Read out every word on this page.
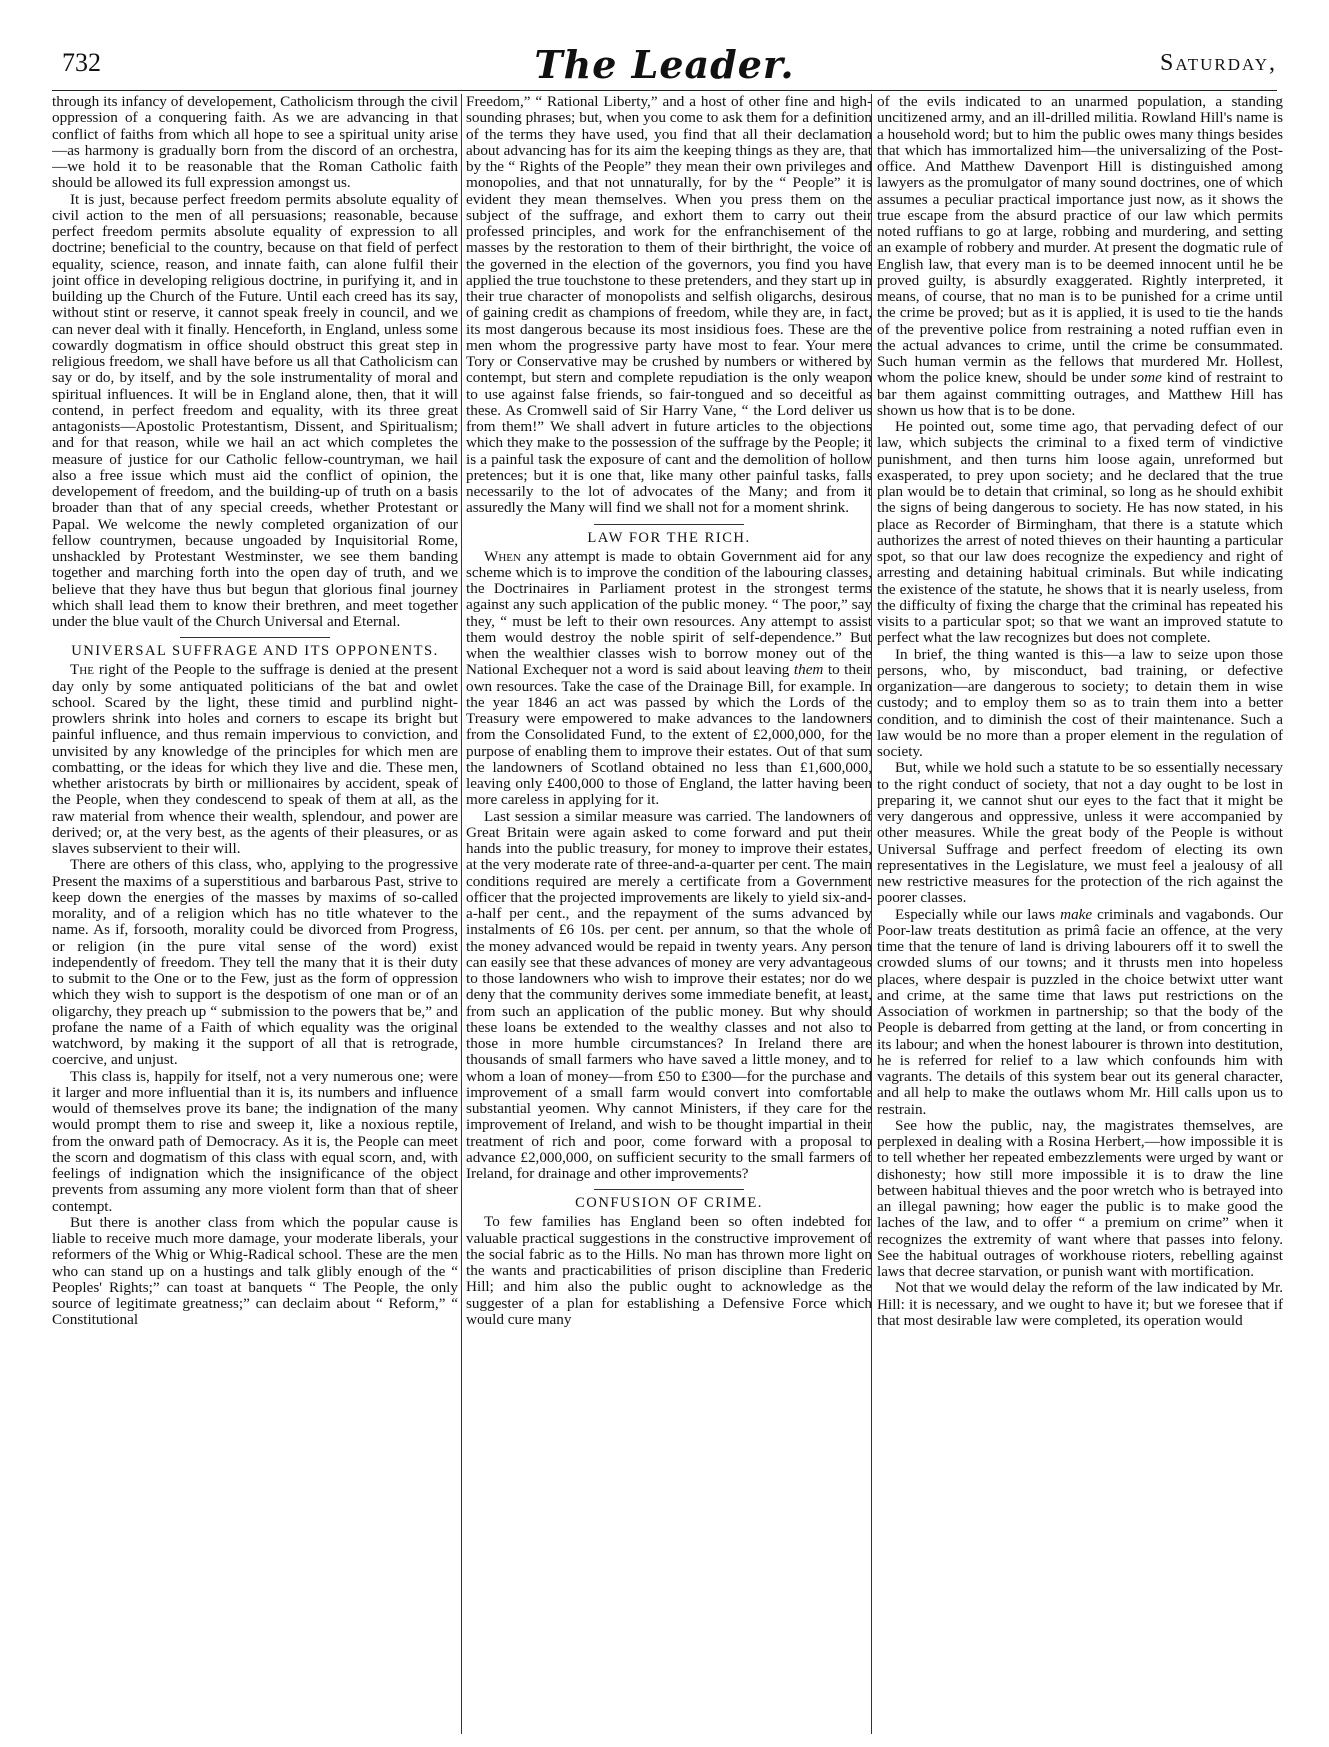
732	The Leader.	Saturday,

through its infancy of developement, Catholicism through the civil oppression of a conquering faith. As we are advancing in that conflict of faiths from which all hope to see a spiritual unity arise—as harmony is gradually born from the discord of an orchestra,—we hold it to be reasonable that the Roman Catholic faith should be allowed its full expression amongst us.

It is just, because perfect freedom permits absolute equality of civil action to the men of all persuasions; reasonable, because perfect freedom permits absolute equality of expression to all doctrine; beneficial to the country, because on that field of perfect equality, science, reason, and innate faith, can alone fulfil their joint office in developing religious doctrine, in purifying it, and in building up the Church of the Future. Until each creed has its say, without stint or reserve, it cannot speak freely in council, and we can never deal with it finally. Henceforth, in England, unless some cowardly dogmatism in office should obstruct this great step in religious freedom, we shall have before us all that Catholicism can say or do, by itself, and by the sole instrumentality of moral and spiritual influences. It will be in England alone, then, that it will contend, in perfect freedom and equality, with its three great antagonists—Apostolic Protestantism, Dissent, and Spiritualism; and for that reason, while we hail an act which completes the measure of justice for our Catholic fellow-countryman, we hail also a free issue which must aid the conflict of opinion, the developement of freedom, and the building-up of truth on a basis broader than that of any special creeds, whether Protestant or Papal. We welcome the newly completed organization of our fellow countrymen, because ungoaded by Inquisitorial Rome, unshackled by Protestant Westminster, we see them banding together and marching forth into the open day of truth, and we believe that they have thus but begun that glorious final journey which shall lead them to know their brethren, and meet together under the blue vault of the Church Universal and Eternal.

UNIVERSAL SUFFRAGE AND ITS OPPONENTS.

The right of the People to the suffrage is denied at the present day only by some antiquated politicians of the bat and owlet school. Scared by the light, these timid and purblind night-prowlers shrink into holes and corners to escape its bright but painful influence, and thus remain impervious to conviction, and unvisited by any knowledge of the principles for which men are combatting, or the ideas for which they live and die. These men, whether aristocrats by birth or millionaires by accident, speak of the People, when they condescend to speak of them at all, as the raw material from whence their wealth, splendour, and power are derived; or, at the very best, as the agents of their pleasures, or as slaves subservient to their will.

There are others of this class, who, applying to the progressive Present the maxims of a superstitious and barbarous Past, strive to keep down the energies of the masses by maxims of so-called morality, and of a religion which has no title whatever to the name. As if, forsooth, morality could be divorced from Progress, or religion (in the pure vital sense of the word) exist independently of freedom. They tell the many that it is their duty to submit to the One or to the Few, just as the form of oppression which they wish to support is the despotism of one man or of an oligarchy, they preach up “ submission to the powers that be,” and profane the name of a Faith of which equality was the original watchword, by making it the support of all that is retrograde, coercive, and unjust.

This class is, happily for itself, not a very numerous one; were it larger and more influential than it is, its numbers and influence would of themselves prove its bane; the indignation of the many would prompt them to rise and sweep it, like a noxious reptile, from the onward path of Democracy. As it is, the People can meet the scorn and dogmatism of this class with equal scorn, and, with feelings of indignation which the insignificance of the object prevents from assuming any more violent form than that of sheer contempt.

But there is another class from which the popular cause is liable to receive much more damage, your moderate liberals, your reformers of the Whig or Whig-Radical school. These are the men who can stand up on a hustings and talk glibly enough of the “ Peoples' Rights;” can toast at banquets “ The People, the only source of legitimate greatness;” can declaim about “ Reform,” “ Constitutional

Freedom,” “ Rational Liberty,” and a host of other fine and high-sounding phrases; but, when you come to ask them for a definition of the terms they have used, you find that all their declamation about advancing has for its aim the keeping things as they are, that by the “ Rights of the People” they mean their own privileges and monopolies, and that not unnaturally, for by the “ People” it is evident they mean themselves. When you press them on the subject of the suffrage, and exhort them to carry out their professed principles, and work for the enfranchisement of the masses by the restoration to them of their birthright, the voice of the governed in the election of the governors, you find you have applied the true touchstone to these pretenders, and they start up in their true character of monopolists and selfish oligarchs, desirous of gaining credit as champions of freedom, while they are, in fact, its most dangerous because its most insidious foes. These are the men whom the progressive party have most to fear. Your mere Tory or Conservative may be crushed by numbers or withered by contempt, but stern and complete repudiation is the only weapon to use against false friends, so fair-tongued and so deceitful as these. As Cromwell said of Sir Harry Vane, “ the Lord deliver us from them!” We shall advert in future articles to the objections which they make to the possession of the suffrage by the People; it is a painful task the exposure of cant and the demolition of hollow pretences; but it is one that, like many other painful tasks, falls necessarily to the lot of advocates of the Many; and from it assuredly the Many will find we shall not for a moment shrink.

LAW FOR THE RICH.

When any attempt is made to obtain Government aid for any scheme which is to improve the condition of the labouring classes, the Doctrinaires in Parliament protest in the strongest terms against any such application of the public money. “ The poor,” say they, “ must be left to their own resources. Any attempt to assist them would destroy the noble spirit of self-dependence.” But when the wealthier classes wish to borrow money out of the National Exchequer not a word is said about leaving them to their own resources. Take the case of the Drainage Bill, for example. In the year 1846 an act was passed by which the Lords of the Treasury were empowered to make advances to the landowners from the Consolidated Fund, to the extent of £2,000,000, for the purpose of enabling them to improve their estates. Out of that sum the landowners of Scotland obtained no less than £1,600,000, leaving only £400,000 to those of England, the latter having been more careless in applying for it.

Last session a similar measure was carried. The landowners of Great Britain were again asked to come forward and put their hands into the public treasury, for money to improve their estates, at the very moderate rate of three-and-a-quarter per cent. The main conditions required are merely a certificate from a Government officer that the projected improvements are likely to yield six-and-a-half per cent., and the repayment of the sums advanced by instalments of £6 10s. per cent. per annum, so that the whole of the money advanced would be repaid in twenty years. Any person can easily see that these advances of money are very advantageous to those landowners who wish to improve their estates; nor do we deny that the community derives some immediate benefit, at least, from such an application of the public money. But why should these loans be extended to the wealthy classes and not also to those in more humble circumstances? In Ireland there are thousands of small farmers who have saved a little money, and to whom a loan of money—from £50 to £300—for the purchase and improvement of a small farm would convert into comfortable substantial yeomen. Why cannot Ministers, if they care for the improvement of Ireland, and wish to be thought impartial in their treatment of rich and poor, come forward with a proposal to advance £2,000,000, on sufficient security to the small farmers of Ireland, for drainage and other improvements?

CONFUSION OF CRIME.

To few families has England been so often indebted for valuable practical suggestions in the constructive improvement of the social fabric as to the Hills. No man has thrown more light on the wants and practicabilities of prison discipline than Frederic Hill; and him also the public ought to acknowledge as the suggester of a plan for establishing a Defensive Force which would cure many

of the evils indicated to an unarmed population, a standing uncitizened army, and an ill-drilled militia. Rowland Hill's name is a household word; but to him the public owes many things besides that which has immortalized him—the universalizing of the Post-office. And Matthew Davenport Hill is distinguished among lawyers as the promulgator of many sound doctrines, one of which assumes a peculiar practical importance just now, as it shows the true escape from the absurd practice of our law which permits noted ruffians to go at large, robbing and murdering, and setting an example of robbery and murder. At present the dogmatic rule of English law, that every man is to be deemed innocent until he be proved guilty, is absurdly exaggerated. Rightly interpreted, it means, of course, that no man is to be punished for a crime until the crime be proved; but as it is applied, it is used to tie the hands of the preventive police from restraining a noted ruffian even in the actual advances to crime, until the crime be consummated. Such human vermin as the fellows that murdered Mr. Hollest, whom the police knew, should be under some kind of restraint to bar them against committing outrages, and Matthew Hill has shown us how that is to be done.

He pointed out, some time ago, that pervading defect of our law, which subjects the criminal to a fixed term of vindictive punishment, and then turns him loose again, unreformed but exasperated, to prey upon society; and he declared that the true plan would be to detain that criminal, so long as he should exhibit the signs of being dangerous to society. He has now stated, in his place as Recorder of Birmingham, that there is a statute which authorizes the arrest of noted thieves on their haunting a particular spot, so that our law does recognize the expediency and right of arresting and detaining habitual criminals. But while indicating the existence of the statute, he shows that it is nearly useless, from the difficulty of fixing the charge that the criminal has repeated his visits to a particular spot; so that we want an improved statute to perfect what the law recognizes but does not complete.

In brief, the thing wanted is this—a law to seize upon those persons, who, by misconduct, bad training, or defective organization—are dangerous to society; to detain them in wise custody; and to employ them so as to train them into a better condition, and to diminish the cost of their maintenance. Such a law would be no more than a proper element in the regulation of society.

But, while we hold such a statute to be so essentially necessary to the right conduct of society, that not a day ought to be lost in preparing it, we cannot shut our eyes to the fact that it might be very dangerous and oppressive, unless it were accompanied by other measures. While the great body of the People is without Universal Suffrage and perfect freedom of electing its own representatives in the Legislature, we must feel a jealousy of all new restrictive measures for the protection of the rich against the poorer classes.

Especially while our laws make criminals and vagabonds. Our Poor-law treats destitution as primâ facie an offence, at the very time that the tenure of land is driving labourers off it to swell the crowded slums of our towns; and it thrusts men into hopeless places, where despair is puzzled in the choice betwixt utter want and crime, at the same time that laws put restrictions on the Association of workmen in partnership; so that the body of the People is debarred from getting at the land, or from concerting in its labour; and when the honest labourer is thrown into destitution, he is referred for relief to a law which confounds him with vagrants. The details of this system bear out its general character, and all help to make the outlaws whom Mr. Hill calls upon us to restrain.

See how the public, nay, the magistrates themselves, are perplexed in dealing with a Rosina Herbert,—how impossible it is to tell whether her repeated embezzlements were urged by want or dishonesty; how still more impossible it is to draw the line between habitual thieves and the poor wretch who is betrayed into an illegal pawning; how eager the public is to make good the laches of the law, and to offer “ a premium on crime” when it recognizes the extremity of want where that passes into felony. See the habitual outrages of workhouse rioters, rebelling against laws that decree starvation, or punish want with mortification.

Not that we would delay the reform of the law indicated by Mr. Hill: it is necessary, and we ought to have it; but we foresee that if that most desirable law were completed, its operation would
